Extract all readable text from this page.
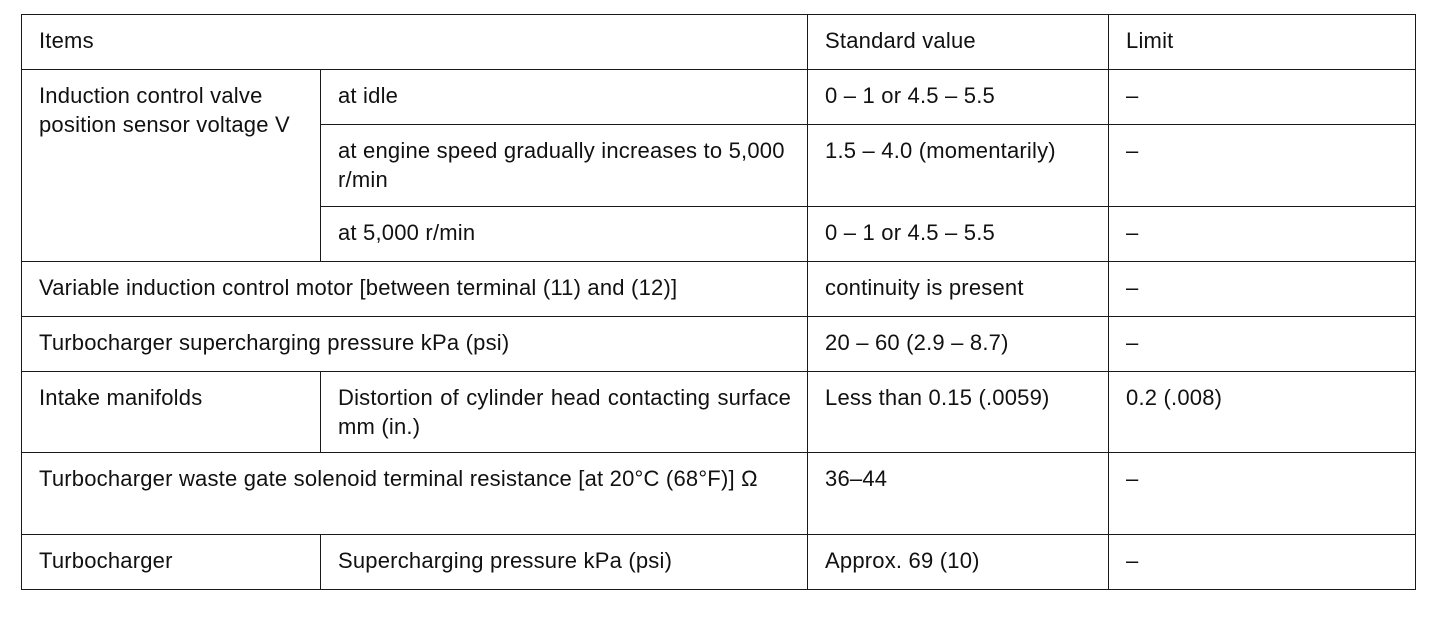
Items		Standard value	Limit
Induction control valve position sensor voltage V	at idle	0 – 1 or 4.5 – 5.5	–
	at engine speed gradually increases to 5,000 r/min	1.5 – 4.0 (momentarily)	–
	at 5,000 r/min	0 – 1 or 4.5 – 5.5	–
Variable induction control motor [between terminal (11) and (12)]		continuity is present	–
Turbocharger supercharging pressure kPa (psi)		20 – 60 (2.9 – 8.7)	–
Intake manifolds	Distortion of cylinder head contacting surface mm (in.)	Less than 0.15 (.0059)	0.2 (.008)
Turbocharger waste gate solenoid terminal resistance [at 20°C (68°F)] Ω		36–44	–
Turbocharger	Supercharging pressure kPa (psi)	Approx. 69 (10)	–
